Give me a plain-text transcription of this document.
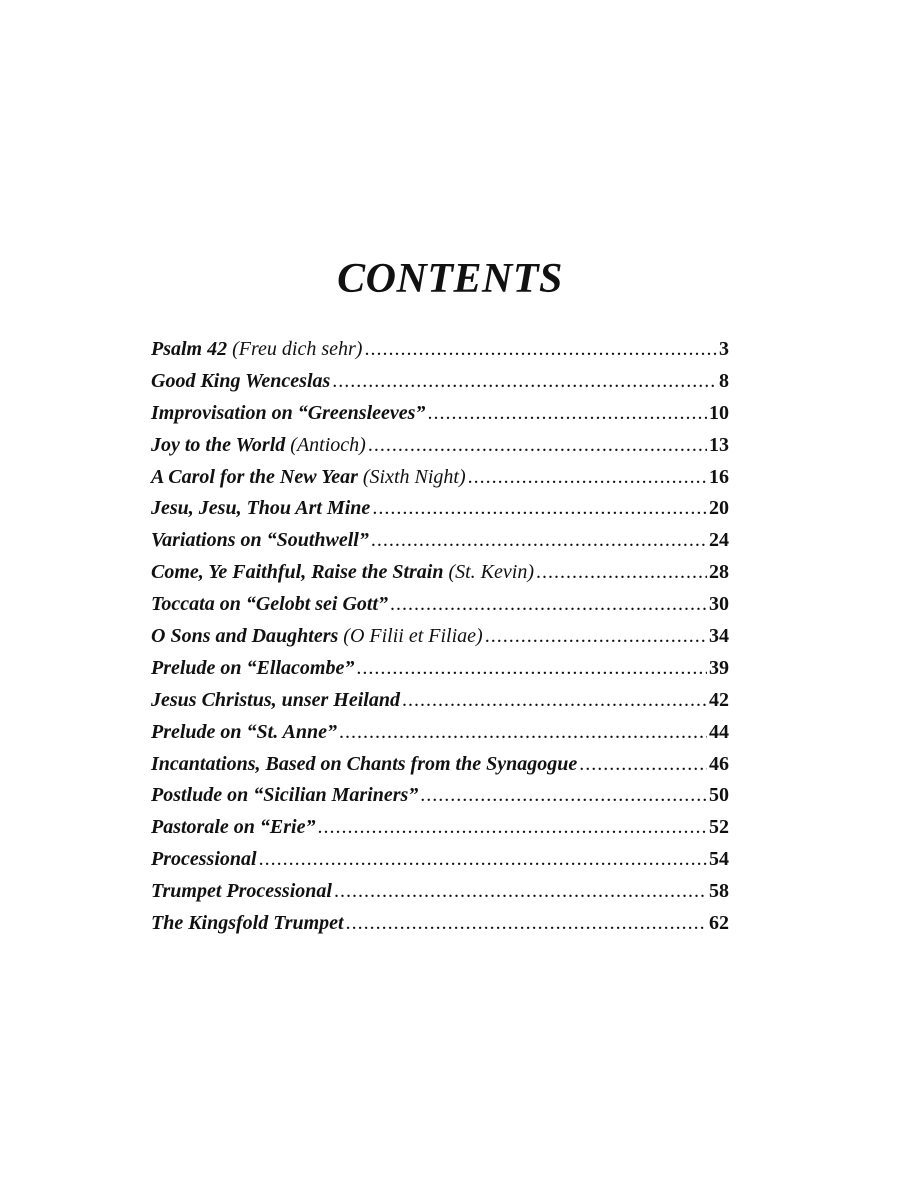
CONTENTS
Psalm 42 (Freu dich sehr) .....	3
Good King Wenceslas .....	8
Improvisation on “Greensleeves” .....	10
Joy to the World (Antioch) .....	13
A Carol for the New Year (Sixth Night) .....	16
Jesu, Jesu, Thou Art Mine .....	20
Variations on “Southwell” .....	24
Come, Ye Faithful, Raise the Strain (St. Kevin) .....	28
Toccata on “Gelobt sei Gott” .....	30
O Sons and Daughters (O Filii et Filiae) .....	34
Prelude on “Ellacombe” .....	39
Jesus Christus, unser Heiland .....	42
Prelude on “St. Anne” .....	44
Incantations, Based on Chants from the Synagogue .....	46
Postlude on “Sicilian Mariners” .....	50
Pastorale on “Erie” .....	52
Processional .....	54
Trumpet Processional .....	58
The Kingsfold Trumpet .....	62
